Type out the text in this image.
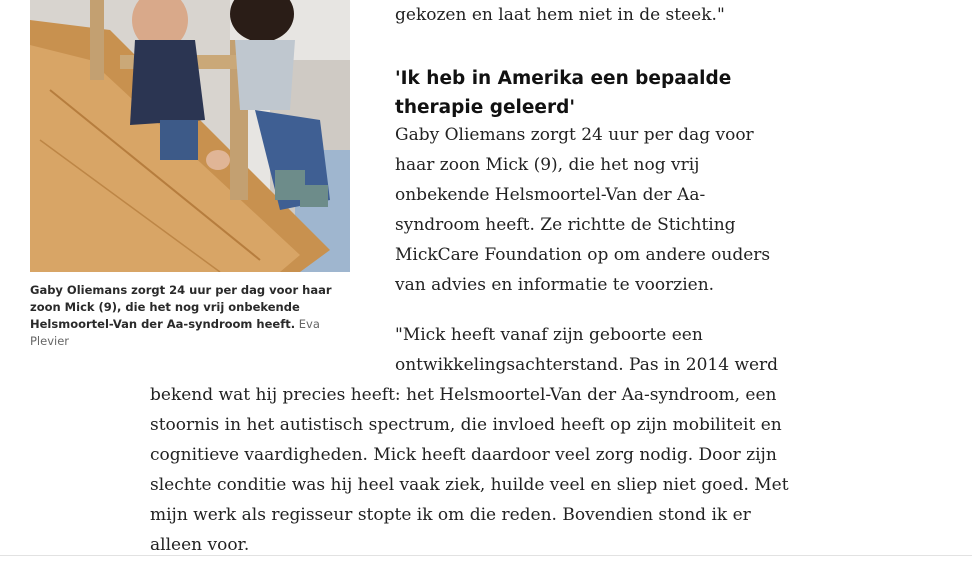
Gaby Oliemans zorgt 24 uur per dag voor haar zoon Mick (9), die het nog vrij onbekende Helsmoortel-Van der Aa-syndroom heeft. Eva Plevier

gekozen en laat hem niet in de steek."

'Ik heb in Amerika een bepaalde
therapie geleerd'

Gaby Oliemans zorgt 24 uur per dag voor

haar zoon Mick (9), die het nog vrij

onbekende Helsmoortel-Van der Aa-

syndroom heeft. Ze richtte de Stichting

MickCare Foundation op om andere ouders

van advies en informatie te voorzien.

"Mick heeft vanaf zijn geboorte een

ontwikkelingsachterstand. Pas in 2014 werd

bekend wat hij precies heeft: het Helsmoortel-Van der Aa-syndroom, een

stoornis in het autistisch spectrum, die invloed heeft op zijn mobiliteit en

cognitieve vaardigheden. Mick heeft daardoor veel zorg nodig. Door zijn

slechte conditie was hij heel vaak ziek, huilde veel en sliep niet goed. Met

mijn werk als regisseur stopte ik om die reden. Bovendien stond ik er

alleen voor.
